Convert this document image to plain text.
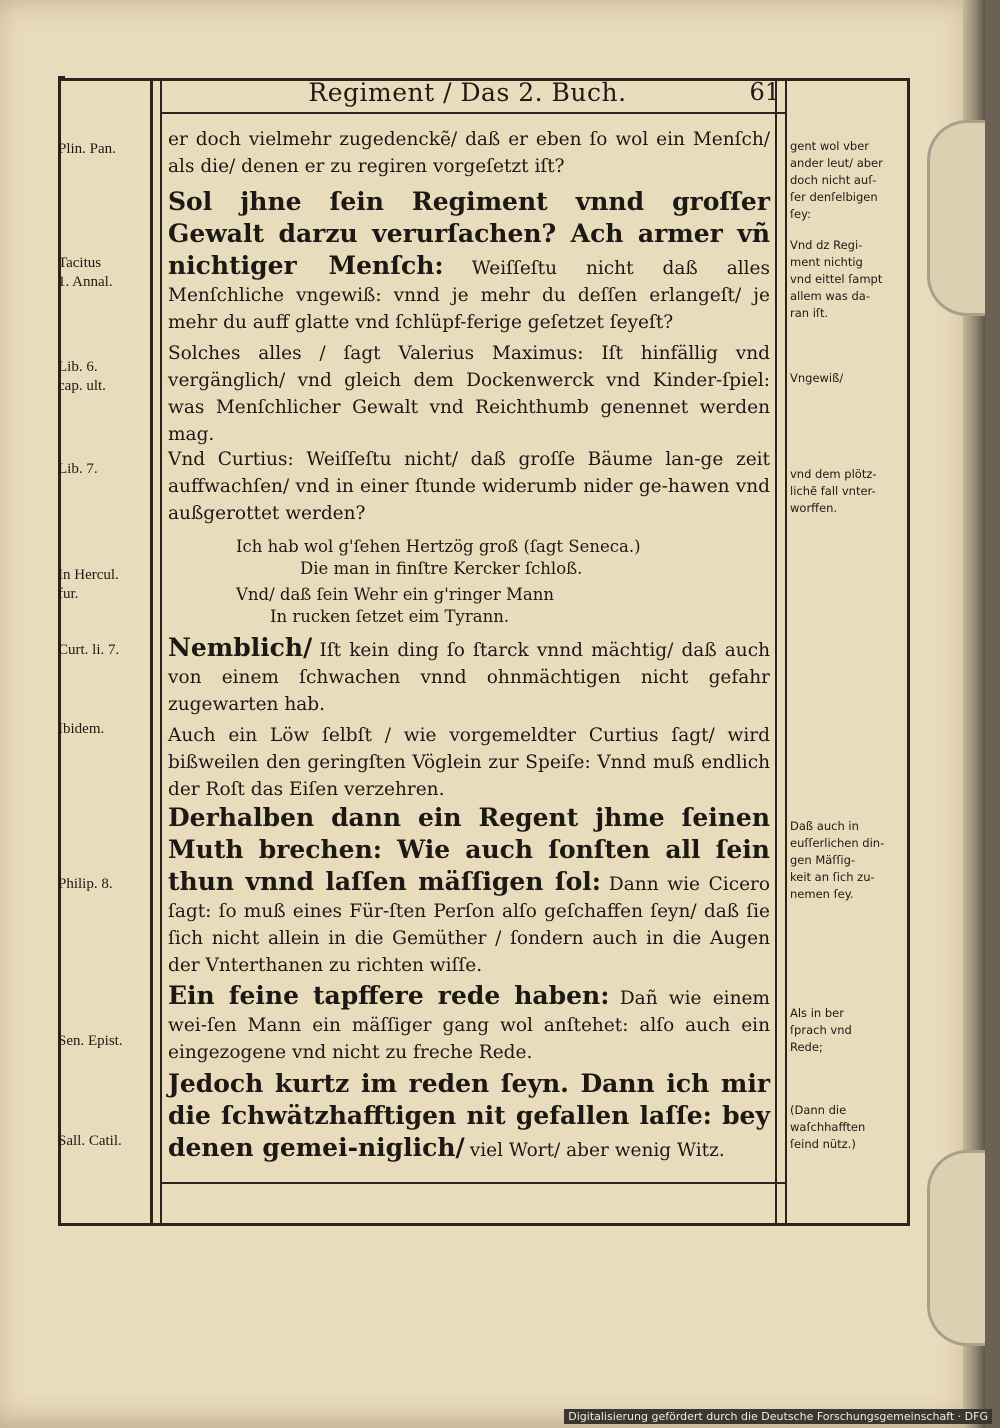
Regiment / Das 2. Buch.	61
Plin. Pan.
Tacitus
1. Annal.
Lib. 6.
cap. ult.
Lib. 7.
In Hercul.
fur.
Curt. li. 7.
Ibidem.
Philip. 8.
Sen. Epist.
Sall. Catil.
gent wol vber
ander leut/ aber
doch nicht auſ-
ſer denſelbigen
ſey:
Vnd dz Regi-
ment nichtig
vnd eittel ſampt
allem was da-
ran iſt.
Vngewiß/
vnd dem plötz-
lichẽ fall vnter-
worffen.
Daß auch in
euſſerlichen din-
gen Mäſſig-
keit an ſich zu-
nemen ſey.
Als in ber
ſprach vnd
Rede;
(Dann die
waſchhafften
ſeind nütz.)
er doch vielmehr zugedenckẽ/ daß er eben ſo wol ein Menſch/ als die/ denen er zu regiren vorgeſetzt iſt?
Sol jhne ſein Regiment vnnd groſſer Gewalt darzu verurſachen? Ach armer vñ nichtiger Menſch: Weiſſeſtu nicht daß alles Menſchliche vngewiß: vnnd je mehr du deſſen erlangeſt/ je mehr du auff glatte vnd ſchlüpf-ferige geſetzet ſeyeſt?
Solches alles / ſagt Valerius Maximus: Iſt hinfällig vnd vergänglich/ vnd gleich dem Dockenwerck vnd Kinder-ſpiel: was Menſchlicher Gewalt vnd Reichthumb genennet werden mag.
Vnd Curtius: Weiſſeſtu nicht/ daß groſſe Bäume lan-ge zeit auffwachſen/ vnd in einer ſtunde widerumb nider ge-hawen vnd außgerottet werden?
Ich hab wol g'ſehen Hertzög groß (ſagt Seneca.)
Die man in finſtre Kercker ſchloß.
Vnd/ daß ſein Wehr ein g'ringer Mann
In rucken ſetzet eim Tyrann.
Nemblich/ Iſt kein ding ſo ſtarck vnnd mächtig/ daß auch von einem ſchwachen vnnd ohnmächtigen nicht gefahr zugewarten hab.
Auch ein Löw ſelbſt / wie vorgemeldter Curtius ſagt/ wird bißweilen den geringſten Vöglein zur Speiſe: Vnnd muß endlich der Roſt das Eiſen verzehren.
Derhalben dann ein Regent jhme ſeinen Muth brechen: Wie auch ſonſten all ſein thun vnnd laſſen mäſſigen ſol: Dann wie Cicero ſagt: ſo muß eines Für-ſten Perſon alſo geſchaffen ſeyn/ daß ſie ſich nicht allein in die Gemüther / ſondern auch in die Augen der Vnterthanen zu richten wiſſe.
Ein feine tapffere rede haben: Dañ wie einem wei-ſen Mann ein mäſſiger gang wol anſtehet: alſo auch ein eingezogene vnd nicht zu freche Rede.
Jedoch kurtz im reden ſeyn. Dann ich mir die ſchwätzhafftigen nit gefallen laſſe: bey denen gemei-niglich/ viel Wort/ aber wenig Witz.
Digitalisierung gefördert durch die Deutsche Forschungsgemeinschaft · DFG
